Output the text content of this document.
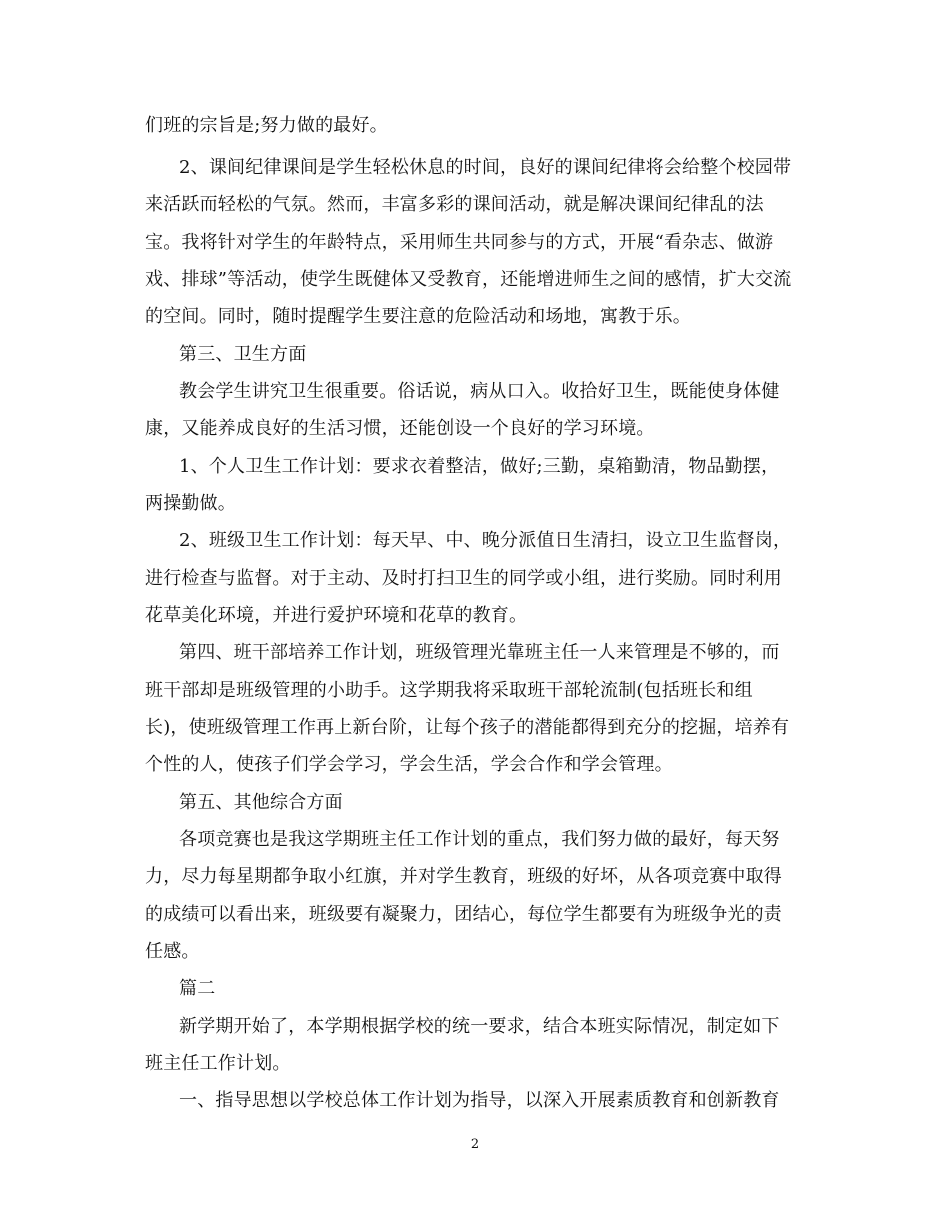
们班的宗旨是;努力做的最好。
2、课间纪律课间是学生轻松休息的时间，良好的课间纪律将会给整个校园带
来活跃而轻松的气氛。然而，丰富多彩的课间活动，就是解决课间纪律乱的法
宝。我将针对学生的年龄特点，采用师生共同参与的方式，开展“看杂志、做游
戏、排球”等活动，使学生既健体又受教育，还能增进师生之间的感情，扩大交流
的空间。同时，随时提醒学生要注意的危险活动和场地，寓教于乐。
第三、卫生方面
教会学生讲究卫生很重要。俗话说，病从口入。收拾好卫生，既能使身体健
康，又能养成良好的生活习惯，还能创设一个良好的学习环境。
1、个人卫生工作计划：要求衣着整洁，做好;三勤，桌箱勤清，物品勤摆，
两操勤做。
2、班级卫生工作计划：每天早、中、晚分派值日生清扫，设立卫生监督岗，
进行检查与监督。对于主动、及时打扫卫生的同学或小组，进行奖励。同时利用
花草美化环境，并进行爱护环境和花草的教育。
第四、班干部培养工作计划，班级管理光靠班主任一人来管理是不够的，而
班干部却是班级管理的小助手。这学期我将采取班干部轮流制(包括班长和组
长)，使班级管理工作再上新台阶，让每个孩子的潜能都得到充分的挖掘，培养有
个性的人，使孩子们学会学习，学会生活，学会合作和学会管理。
第五、其他综合方面
各项竞赛也是我这学期班主任工作计划的重点，我们努力做的最好，每天努
力，尽力每星期都争取小红旗，并对学生教育，班级的好坏，从各项竞赛中取得
的成绩可以看出来，班级要有凝聚力，团结心，每位学生都要有为班级争光的责
任感。
篇二
新学期开始了，本学期根据学校的统一要求，结合本班实际情况，制定如下
班主任工作计划。
一、指导思想以学校总体工作计划为指导，以深入开展素质教育和创新教育
2
